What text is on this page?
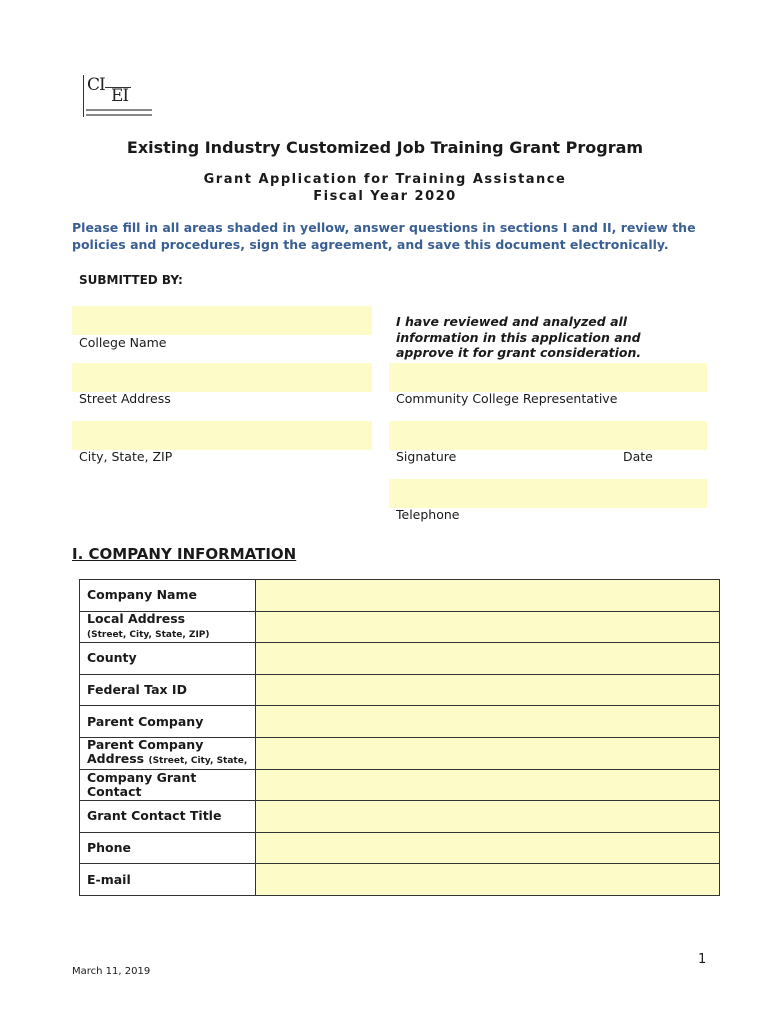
CI
EI
Existing Industry Customized Job Training Grant Program
Grant Application for Training Assistance
Fiscal Year 2020
Please fill in all areas shaded in yellow, answer questions in sections I and II, review the policies and procedures, sign the agreement, and save this document electronically.
SUBMITTED BY:
College Name
Street Address
City, State, ZIP
I have reviewed and analyzed all information in this application and approve it for grant consideration.
Community College Representative
Signature	Date
Telephone
I. COMPANY INFORMATION
Company Name	
Local Address
(Street, City, State, ZIP)	
County	
Federal Tax ID	
Parent Company	
Parent Company Address (Street, City, State,	
Company Grant Contact	
Grant Contact Title	
Phone	
E-mail	
1
March 11, 2019
